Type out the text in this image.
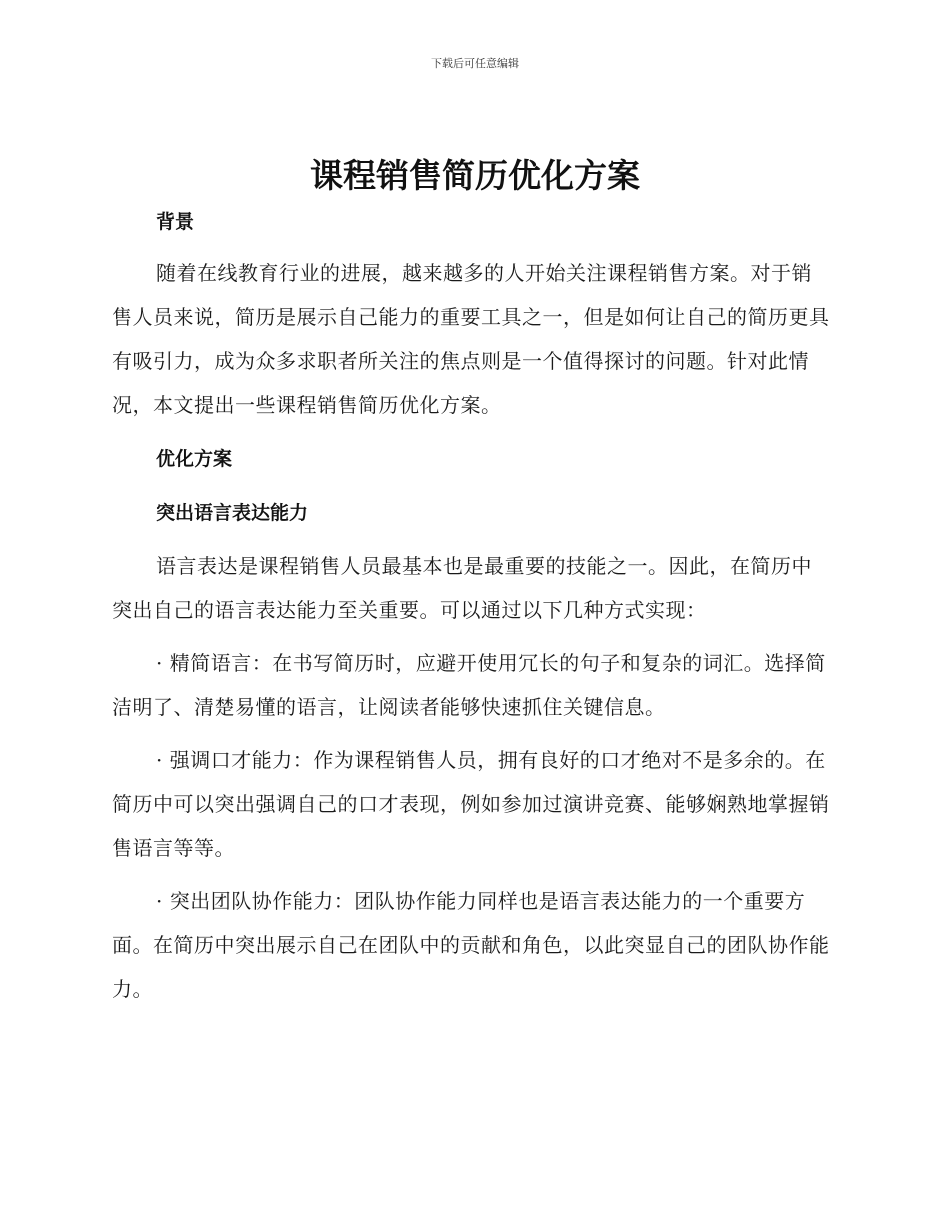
下载后可任意编辑
课程销售简历优化方案
背景

随着在线教育行业的进展，越来越多的人开始关注课程销售方案。对于销售人员来说，简历是展示自己能力的重要工具之一，但是如何让自己的简历更具有吸引力，成为众多求职者所关注的焦点则是一个值得探讨的问题。针对此情况，本文提出一些课程销售简历优化方案。

优化方案
突出语言表达能力

语言表达是课程销售人员最基本也是最重要的技能之一。因此，在简历中突出自己的语言表达能力至关重要。可以通过以下几种方式实现：

· 精简语言：在书写简历时，应避开使用冗长的句子和复杂的词汇。选择简洁明了、清楚易懂的语言，让阅读者能够快速抓住关键信息。

· 强调口才能力：作为课程销售人员，拥有良好的口才绝对不是多余的。在简历中可以突出强调自己的口才表现，例如参加过演讲竞赛、能够娴熟地掌握销售语言等等。

· 突出团队协作能力：团队协作能力同样也是语言表达能力的一个重要方面。在简历中突出展示自己在团队中的贡献和角色，以此突显自己的团队协作能力。
